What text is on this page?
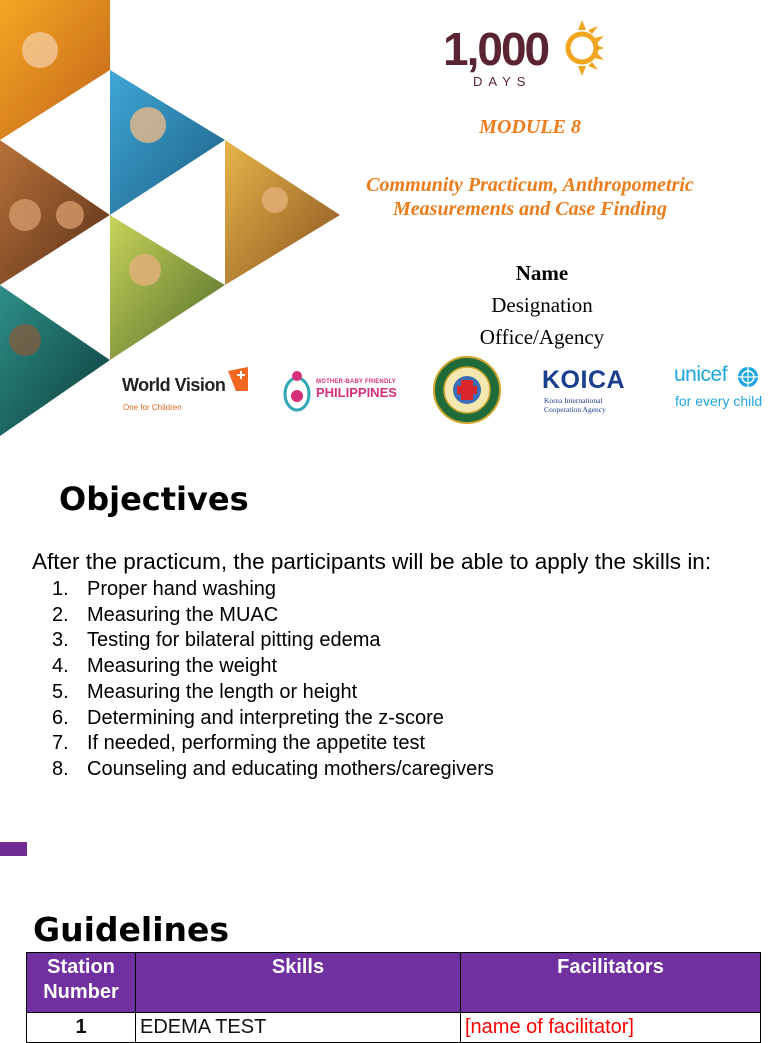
1,000
DAYS
MODULE 8
Community Practicum, Anthropometric
Measurements and Case Finding
Name
Designation
Office/Agency
World Vision
One for Children
MOTHER-BABY FRIENDLY
PHILIPPINES	KOICA
Korea International
Cooperation Agency
unicef
for every child
Objectives

After the practicum, the participants will be able to apply the skills in:

1. Proper hand washing
2. Measuring the MUAC
3. Testing for bilateral pitting edema
4. Measuring the weight
5. Measuring the length or height
6. Determining and interpreting the z-score
7. If needed, performing the appetite test
8. Counseling and educating mothers/caregivers
Guidelines
Station Number	Skills	Facilitators
1	EDEMA TEST	[name of facilitator]
